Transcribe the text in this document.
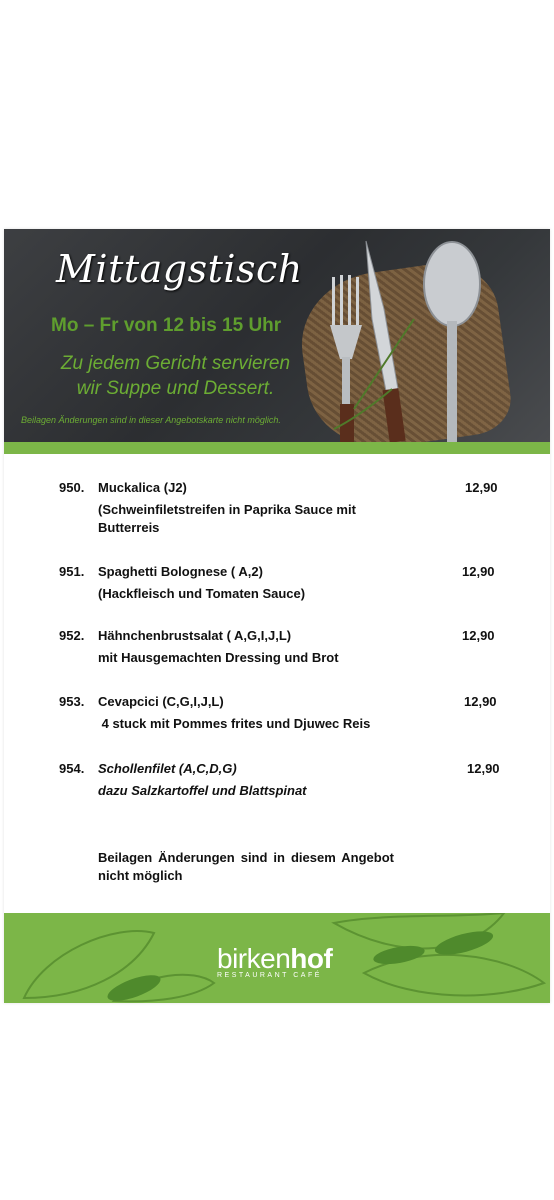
Mittagstisch
Mo – Fr von 12 bis 15 Uhr
Zu jedem Gericht servieren
wir Suppe und Dessert.
Beilagen Änderungen sind in dieser Angebotskarte nicht möglich.
950. Muckalica (J2)	12,90
(Schweinfiletstreifen in Paprika Sauce mit
Butterreis
951. Spaghetti Bolognese ( A,2)	12,90
(Hackfleisch und Tomaten Sauce)
952. Hähnchenbrustsalat ( A,G,I,J,L)	12,90
mit Hausgemachten Dressing und Brot
953. Cevapcici (C,G,I,J,L)	12,90
4 stuck mit Pommes frites und Djuwec Reis
954. Schollenfilet (A,C,D,G)	12,90
dazu Salzkartoffel und Blattspinat
Beilagen Änderungen sind in diesem Angebot nicht möglich
birkenhof
RESTAURANT CAFÉ
